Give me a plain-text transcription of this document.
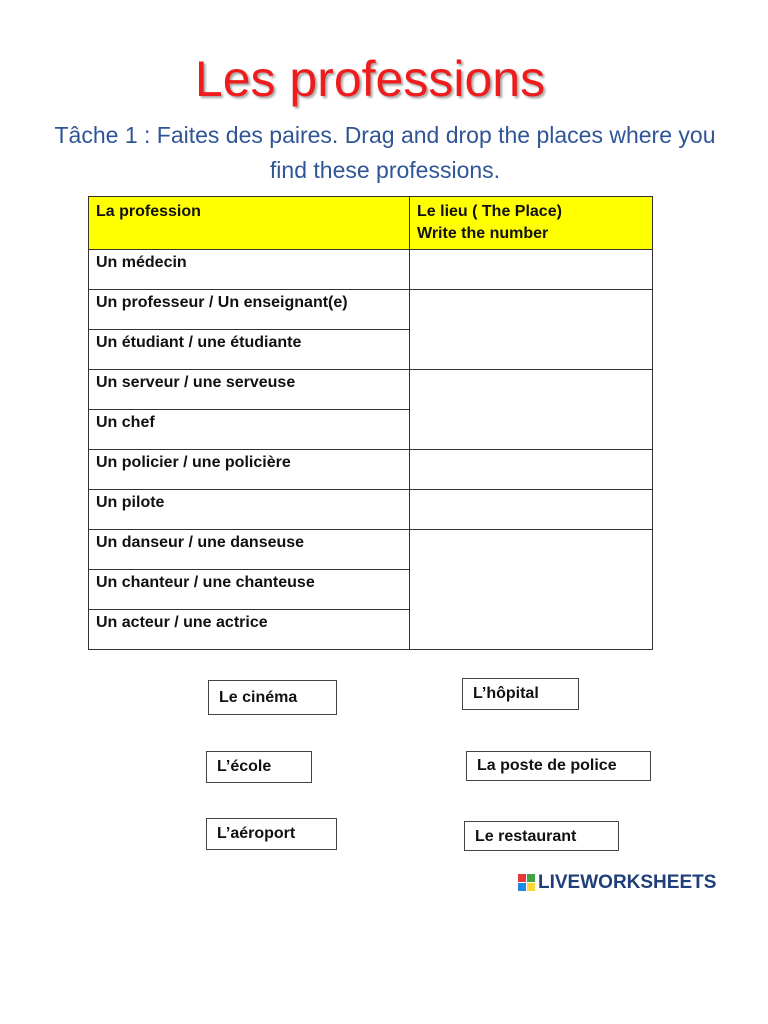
Les professions
Tâche 1 : Faites des paires. Drag and drop the places where you find these professions.
La profession	Le lieu ( The Place)
Write the number

Un médecin	
Un professeur / Un enseignant(e)	
Un étudiant / une étudiante	
Un serveur / une serveuse	
Un chef	
Un policier / une policière	
Un pilote	
Un danseur / une danseuse	
Un chanteur / une chanteuse	
Un acteur / une actrice	
Le cinéma	L’hôpital
L’école	La poste de police
L’aéroport	Le restaurant
LIVEWORKSHEETS
